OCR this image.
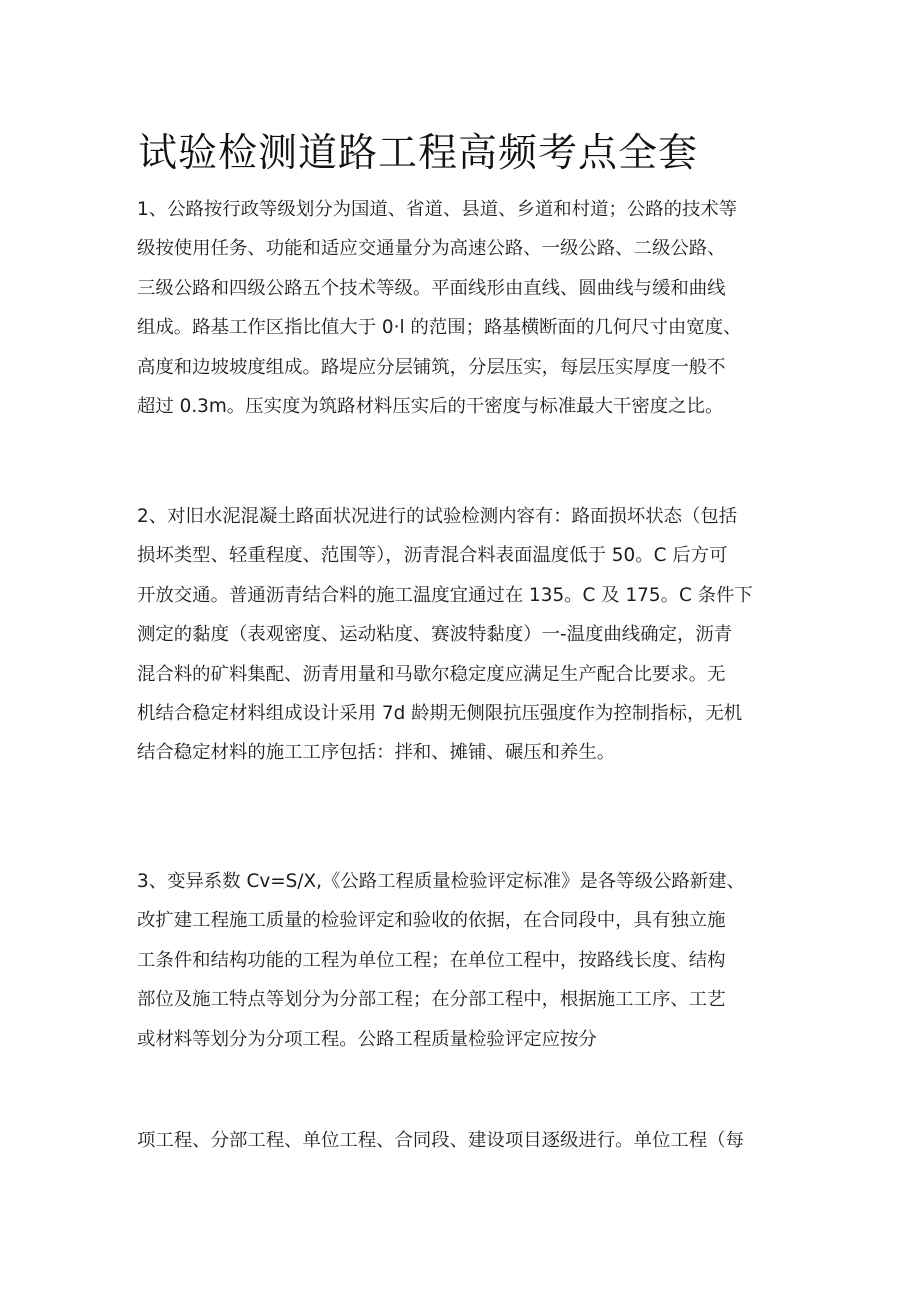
试验检测道路工程高频考点全套

1、公路按行政等级划分为国道、省道、县道、乡道和村道；公路的技术等
级按使用任务、功能和适应交通量分为高速公路、一级公路、二级公路、
三级公路和四级公路五个技术等级。平面线形由直线、圆曲线与缓和曲线
组成。路基工作区指比值大于 0·l 的范围；路基横断面的几何尺寸由宽度、
高度和边坡坡度组成。路堤应分层铺筑，分层压实，每层压实厚度一般不
超过 0.3m。压实度为筑路材料压实后的干密度与标准最大干密度之比。

2、对旧水泥混凝土路面状况进行的试验检测内容有：路面损坏状态（包括
损坏类型、轻重程度、范围等），沥青混合料表面温度低于 50。C 后方可
开放交通。普通沥青结合料的施工温度宜通过在 135。C 及 175。C 条件下
测定的黏度（表观密度、运动粘度、赛波特黏度）一-温度曲线确定，沥青
混合料的矿料集配、沥青用量和马歇尔稳定度应满足生产配合比要求。无
机结合稳定材料组成设计采用 7d 龄期无侧限抗压强度作为控制指标，无机
结合稳定材料的施工工序包括：拌和、摊铺、碾压和养生。

3、变异系数 Cv=S/X,《公路工程质量检验评定标准》是各等级公路新建、
改扩建工程施工质量的检验评定和验收的依据，在合同段中，具有独立施
工条件和结构功能的工程为单位工程；在单位工程中，按路线长度、结构
部位及施工特点等划分为分部工程；在分部工程中，根据施工工序、工艺
或材料等划分为分项工程。公路工程质量检验评定应按分

项工程、分部工程、单位工程、合同段、建设项目逐级进行。单位工程（每
